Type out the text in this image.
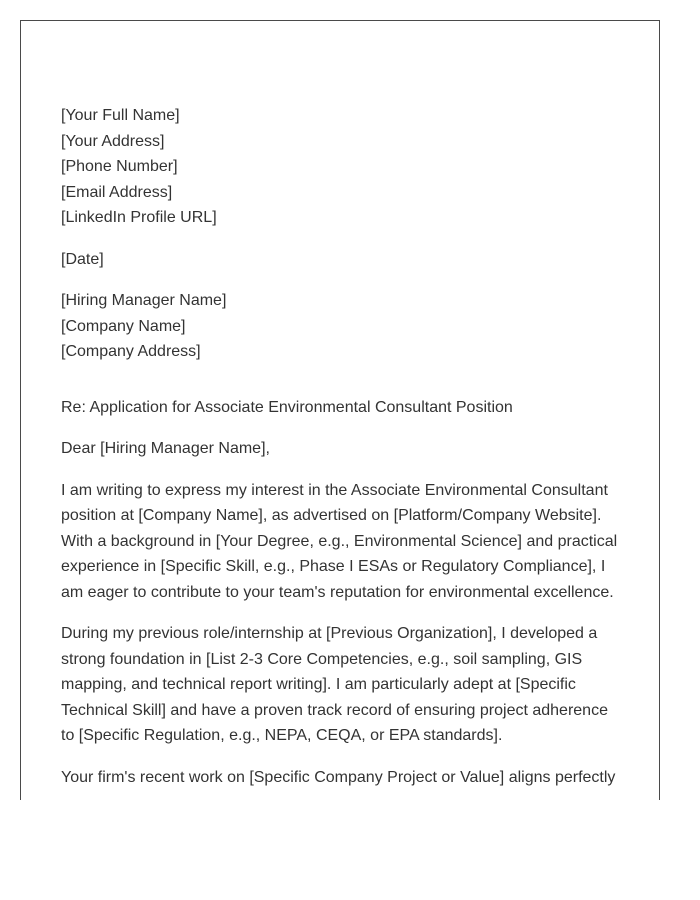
[Your Full Name]
[Your Address]
[Phone Number]
[Email Address]
[LinkedIn Profile URL]
[Date]
[Hiring Manager Name]
[Company Name]
[Company Address]
Re: Application for Associate Environmental Consultant Position
Dear [Hiring Manager Name],
I am writing to express my interest in the Associate Environmental Consultant
position at [Company Name], as advertised on [Platform/Company Website].
With a background in [Your Degree, e.g., Environmental Science] and practical
experience in [Specific Skill, e.g., Phase I ESAs or Regulatory Compliance], I
am eager to contribute to your team's reputation for environmental excellence.
During my previous role/internship at [Previous Organization], I developed a
strong foundation in [List 2-3 Core Competencies, e.g., soil sampling, GIS
mapping, and technical report writing]. I am particularly adept at [Specific
Technical Skill] and have a proven track record of ensuring project adherence
to [Specific Regulation, e.g., NEPA, CEQA, or EPA standards].
Your firm's recent work on [Specific Company Project or Value] aligns perfectly
